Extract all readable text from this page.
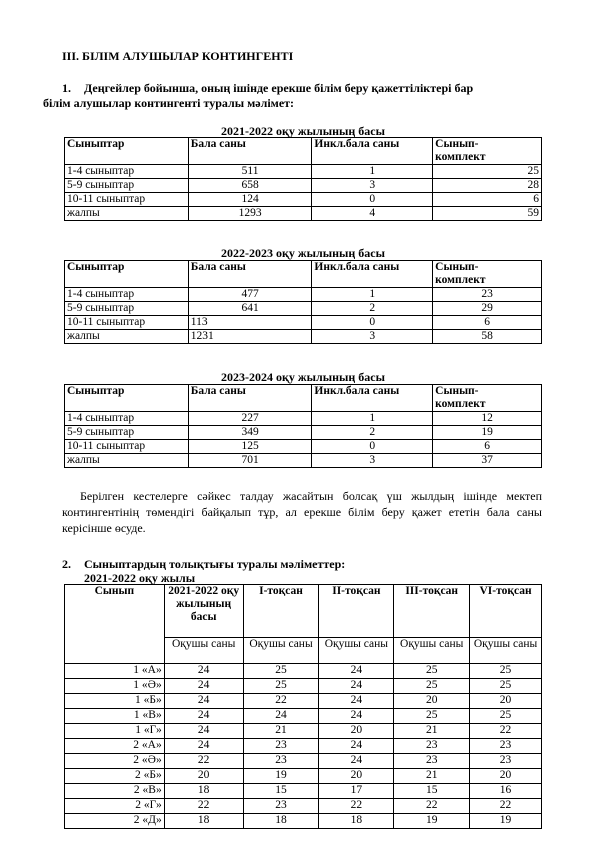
III. БІЛІМ АЛУШЫЛАР КОНТИНГЕНТІ
1. Деңгейлер бойынша, оның ішінде ерекше білім беру қажеттіліктері бар
білім алушылар контингенті туралы мәлімет:
2021-2022 оқу жылының басы
Сыныптар	Бала саны	Инкл.бала саны	Сынып-
комплект
1-4 сыныптар	511	1	25
5-9 сыныптар	658	3	28
10-11 сыныптар	124	0	6
жалпы	1293	4	59
2022-2023 оқу жылының басы
Сыныптар	Бала саны	Инкл.бала саны	Сынып-
комплект
1-4 сыныптар	477	1	23
5-9 сыныптар	641	2	29
10-11 сыныптар	113	0	6
жалпы	1231	3	58
2023-2024 оқу жылының басы
Сыныптар	Бала саны	Инкл.бала саны	Сынып-
комплект
1-4 сыныптар	227	1	12
5-9 сыныптар	349	2	19
10-11 сыныптар	125	0	6
жалпы	701	3	37
Берілген кестелерге сәйкес талдау жасайтын болсақ үш жылдың ішінде мектеп контингентінің төмендігі байқалып тұр, ал ерекше білім беру қажет ететін бала саны керісінше өсуде.
2. Сыныптардың толықтығы туралы мәліметтер:
2021-2022 оқу жылы
Сынып	2021-2022 оқу жылының басы	I-тоқсан	II-тоқсан	III-тоқсан	VI-тоқсан
	Оқушы саны	Оқушы саны	Оқушы саны	Оқушы саны	Оқушы саны
1 «А»	24	25	24	25	25
1 «Ә»	24	25	24	25	25
1 «Б»	24	22	24	20	20
1 «В»	24	24	24	25	25
1 «Г»	24	21	20	21	22
2 «А»	24	23	24	23	23
2 «Ә»	22	23	24	23	23
2 «Б»	20	19	20	21	20
2 «В»	18	15	17	15	16
2 «Г»	22	23	22	22	22
2 «Д»	18	18	18	19	19
